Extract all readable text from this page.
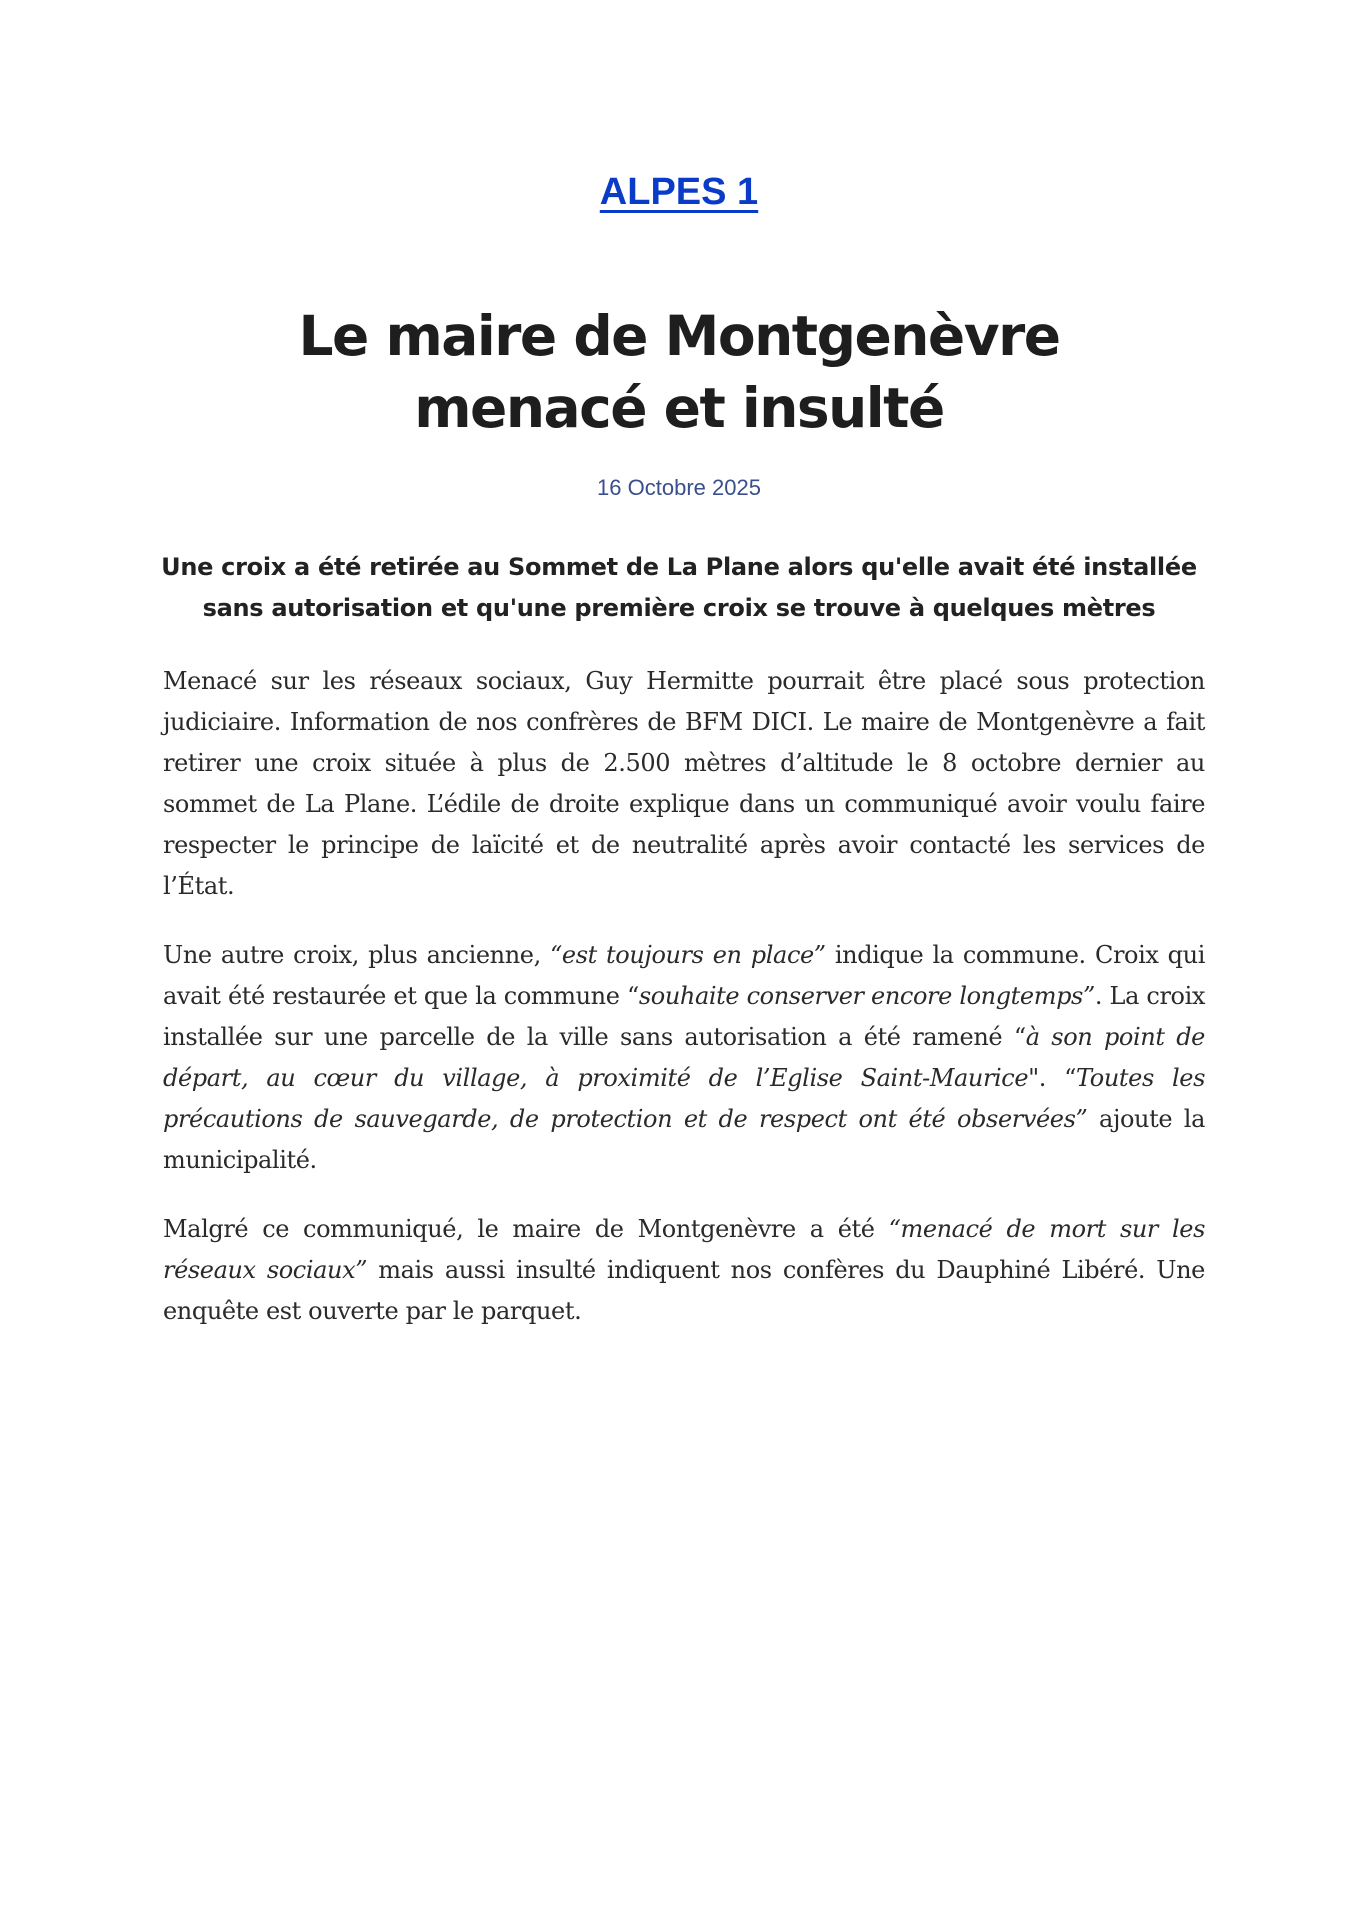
ALPES 1
Le maire de Montgenèvre
menacé et insulté
16 Octobre 2025
Une croix a été retirée au Sommet de La Plane alors qu'elle avait été installée sans autorisation et qu'une première croix se trouve à quelques mètres

Menacé sur les réseaux sociaux, Guy Hermitte pourrait être placé sous protection judiciaire. Information de nos confrères de BFM DICI. Le maire de Montgenèvre a fait retirer une croix située à plus de 2.500 mètres d’altitude le 8 octobre dernier au sommet de La Plane. L’édile de droite explique dans un communiqué avoir voulu faire respecter le principe de laïcité et de neutralité après avoir contacté les services de l’État.

Une autre croix, plus ancienne, “est toujours en place” indique la commune. Croix qui avait été restaurée et que la commune “souhaite conserver encore longtemps”. La croix installée sur une parcelle de la ville sans autorisation a été ramené “à son point de départ, au cœur du village, à proximité de l’Eglise Saint-Maurice". “Toutes les précautions de sauvegarde, de protection et de respect ont été observées” ajoute la municipalité.

Malgré ce communiqué, le maire de Montgenèvre a été “menacé de mort sur les réseaux sociaux” mais aussi insulté indiquent nos confères du Dauphiné Libéré. Une enquête est ouverte par le parquet.
